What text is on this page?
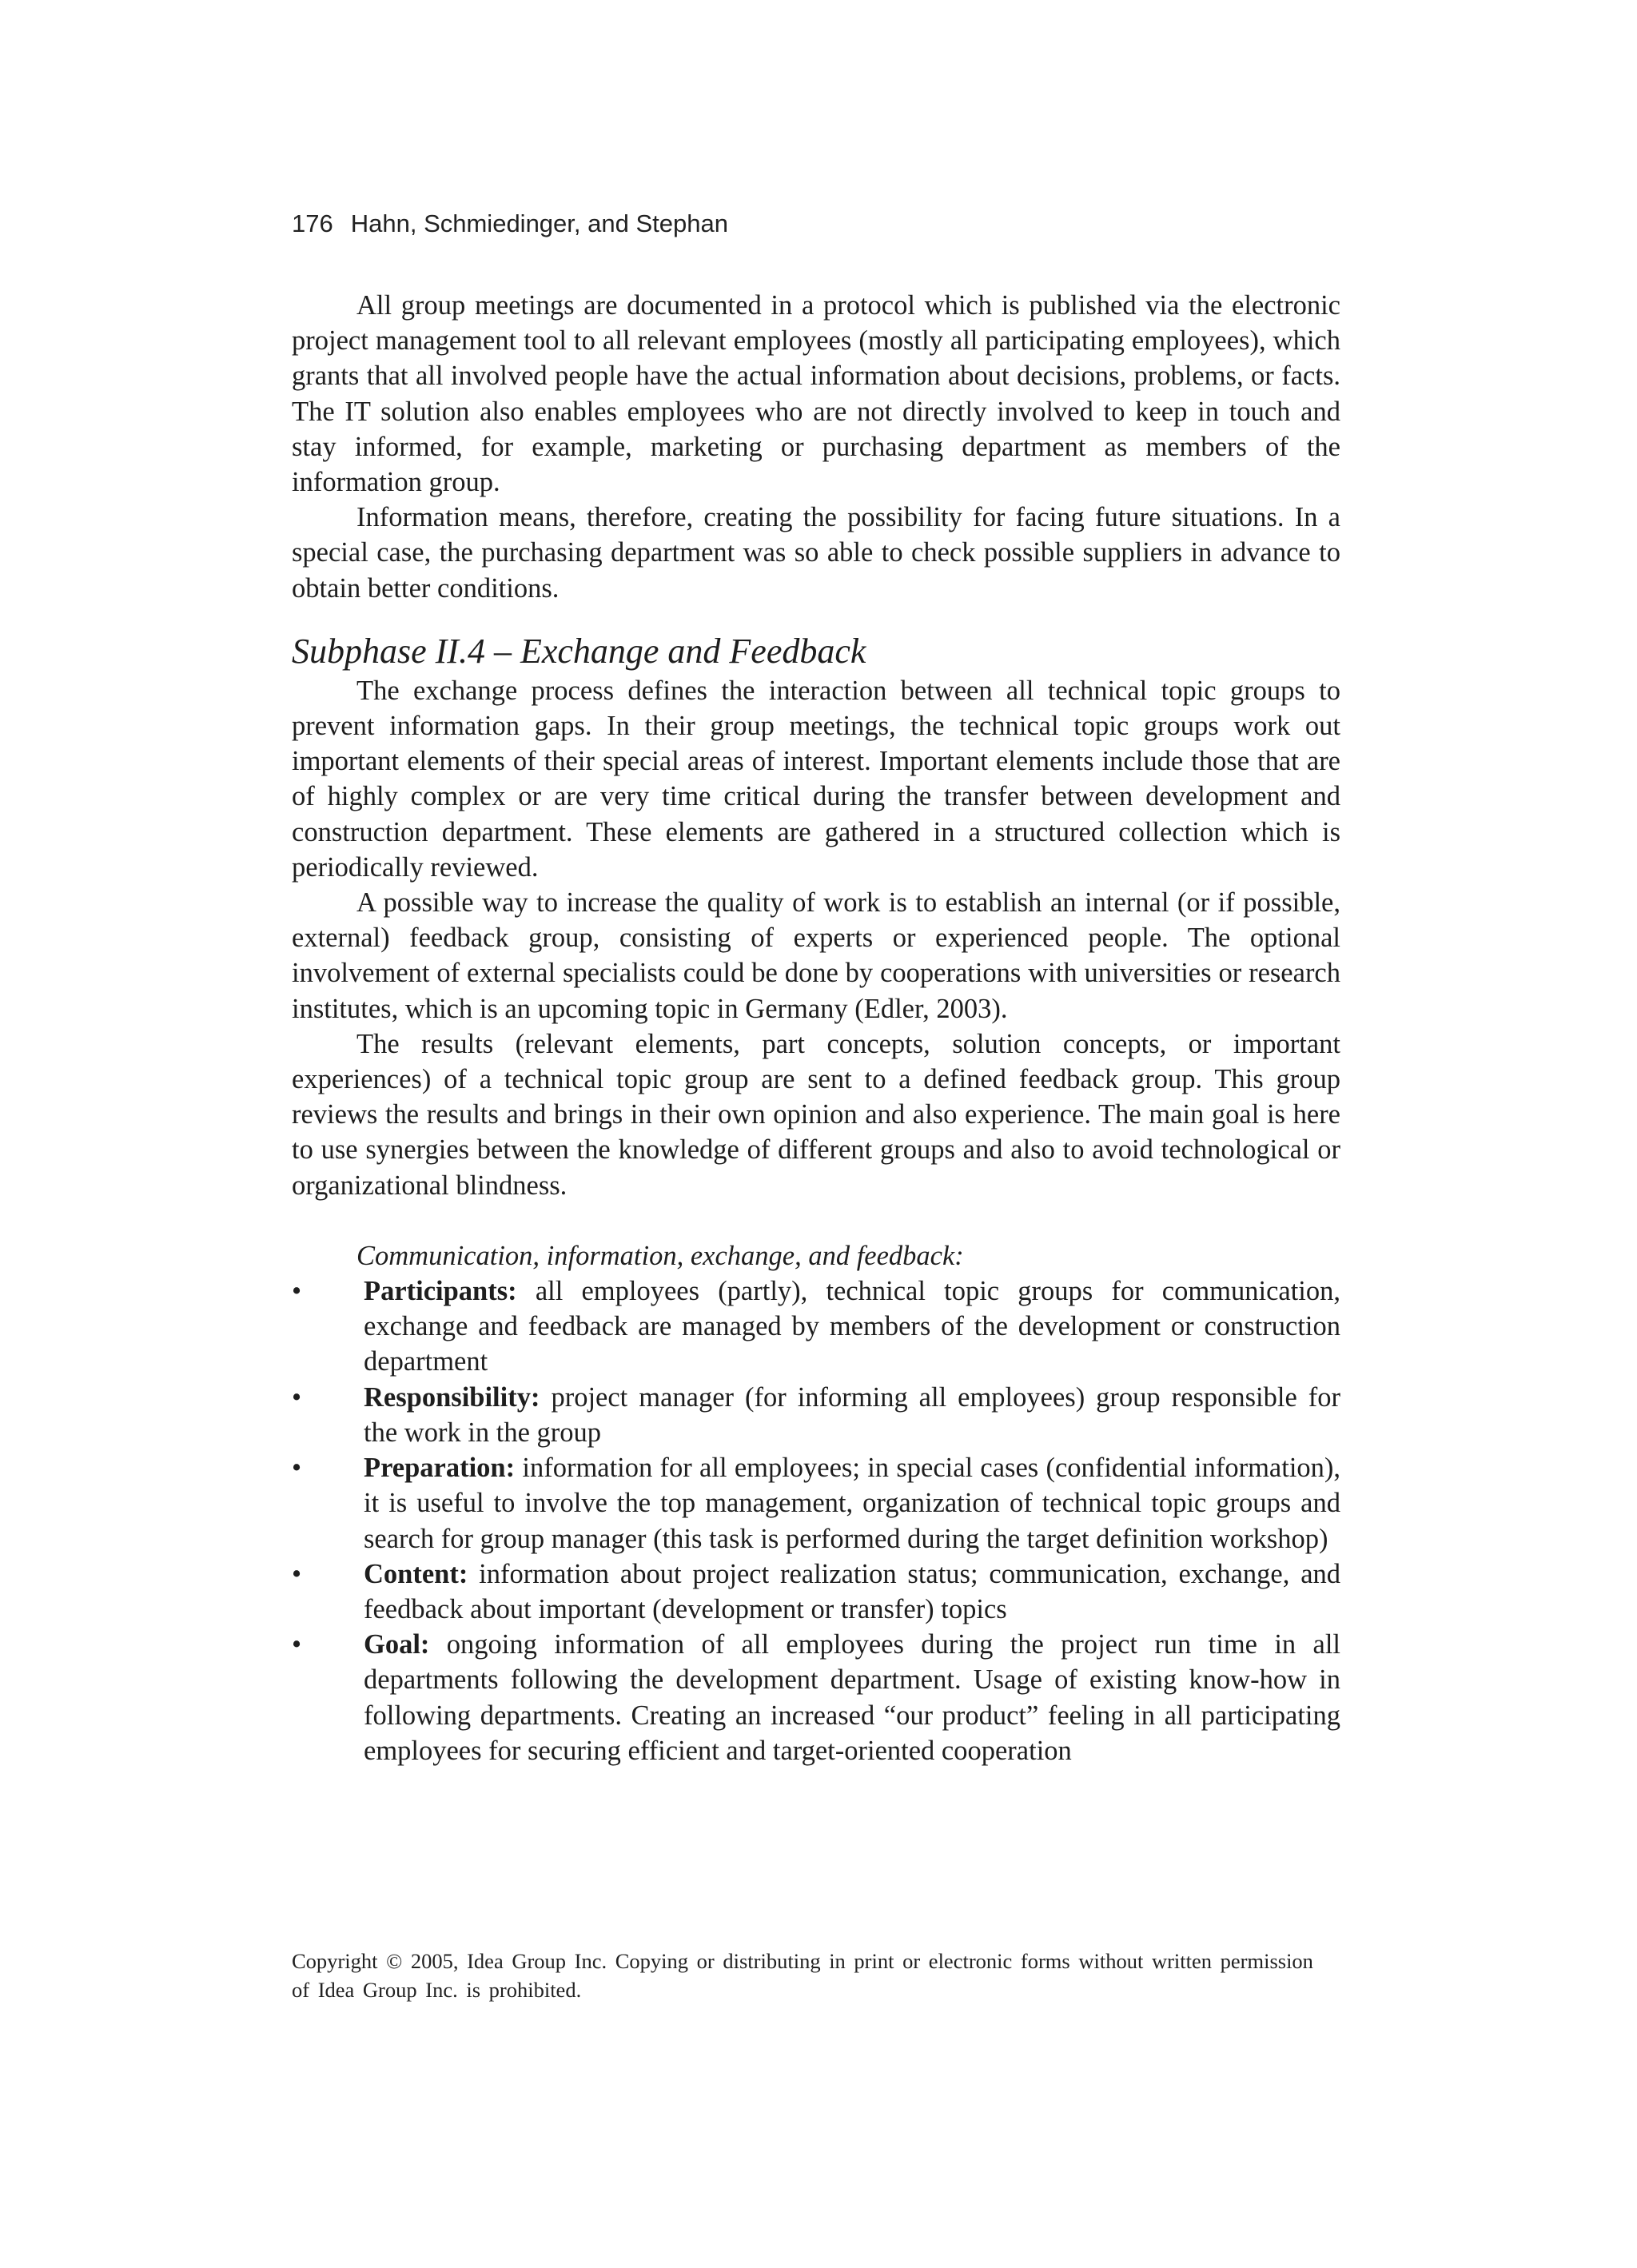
176 Hahn, Schmiedinger, and Stephan

All group meetings are documented in a protocol which is published via the electronic project management tool to all relevant employees (mostly all participating employees), which grants that all involved people have the actual information about decisions, problems, or facts. The IT solution also enables employees who are not directly involved to keep in touch and stay informed, for example, marketing or purchasing department as members of the information group.

Information means, therefore, creating the possibility for facing future situations. In a special case, the purchasing department was so able to check possible suppliers in advance to obtain better conditions.

Subphase II.4 – Exchange and Feedback

The exchange process defines the interaction between all technical topic groups to prevent information gaps. In their group meetings, the technical topic groups work out important elements of their special areas of interest. Important elements include those that are of highly complex or are very time critical during the transfer between development and construction department. These elements are gathered in a structured collection which is periodically reviewed.

A possible way to increase the quality of work is to establish an internal (or if possible, external) feedback group, consisting of experts or experienced people. The optional involvement of external specialists could be done by cooperations with universities or research institutes, which is an upcoming topic in Germany (Edler, 2003).

The results (relevant elements, part concepts, solution concepts, or important experiences) of a technical topic group are sent to a defined feedback group. This group reviews the results and brings in their own opinion and also experience. The main goal is here to use synergies between the knowledge of different groups and also to avoid technological or organizational blindness.

Communication, information, exchange, and feedback:
•	Participants: all employees (partly), technical topic groups for communication, exchange and feedback are managed by members of the development or construction department
•	Responsibility: project manager (for informing all employees) group responsible for the work in the group
•	Preparation: information for all employees; in special cases (confidential information), it is useful to involve the top management, organization of technical topic groups and search for group manager (this task is performed during the target definition workshop)
•	Content: information about project realization status; communication, exchange, and feedback about important (development or transfer) topics
•	Goal: ongoing information of all employees during the project run time in all departments following the development department. Usage of existing know-how in following departments. Creating an increased “our product” feeling in all participating employees for securing efficient and target-oriented cooperation
Copyright © 2005, Idea Group Inc. Copying or distributing in print or electronic forms without written permission of Idea Group Inc. is prohibited.
